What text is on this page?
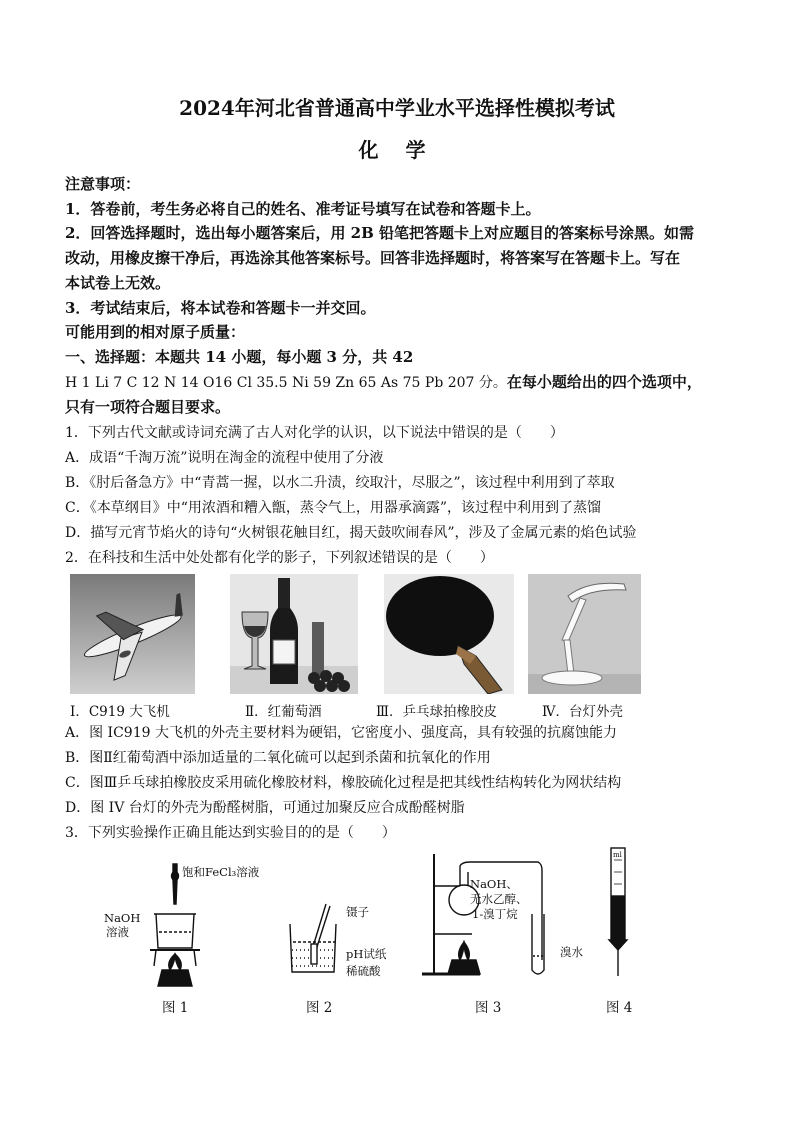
2024年河北省普通高中学业水平选择性模拟考试
化 学
注意事项：
1．答卷前，考生务必将自己的姓名、准考证号填写在试卷和答题卡上。
2．回答选择题时，选出每小题答案后，用 2B 铅笔把答题卡上对应题目的答案标号涂黑。如需
改动，用橡皮擦干净后，再选涂其他答案标号。回答非选择题时，将答案写在答题卡上。写在
本试卷上无效。
3．考试结束后，将本试卷和答题卡一并交回。
可能用到的相对原子质量：
一、选择题：本题共 14 小题，每小题 3 分，共 42
H 1 Li 7 C 12 N 14 O16 Cl 35.5 Ni 59 Zn 65 As 75 Pb 207 分。在每小题给出的四个选项中，
只有一项符合题目要求。
1．下列古代文献或诗词充满了古人对化学的认识，以下说法中错误的是（　　）
A．成语“千淘万流”说明在淘金的流程中使用了分液
B．《肘后备急方》中“青蒿一握，以水二升渍，绞取汁，尽服之”，该过程中利用到了萃取
C．《本草纲目》中“用浓酒和糟入甑，蒸令气上，用器承滴露”，该过程中利用到了蒸馏
D．描写元宵节焰火的诗句“火树银花触目红，揭天鼓吹闹春风”，涉及了金属元素的焰色试验
2．在科技和生活中处处都有化学的影子，下列叙述错误的是（　　）
Ⅰ．C919 大飞机	Ⅱ．红葡萄酒	Ⅲ．乒乓球拍橡胶皮	Ⅳ．台灯外壳
A．图 IC919 大飞机的外壳主要材料为硬铝，它密度小、强度高，具有较强的抗腐蚀能力
B．图Ⅱ红葡萄酒中添加适量的二氧化硫可以起到杀菌和抗氧化的作用
C．图Ⅲ乒乓球拍橡胶皮采用硫化橡胶材料，橡胶硫化过程是把其线性结构转化为网状结构
D．图 IV 台灯的外壳为酚醛树脂，可通过加聚反应合成酚醛树脂
3．下列实验操作正确且能达到实验目的的是（　　）
饱和FeCl₃溶液
NaOH
溶液
镊子
pH试纸
稀硫酸
NaOH、
无水乙醇、
1-溴丁烷
溴水
ml
图 1	图 2	图 3	图 4
